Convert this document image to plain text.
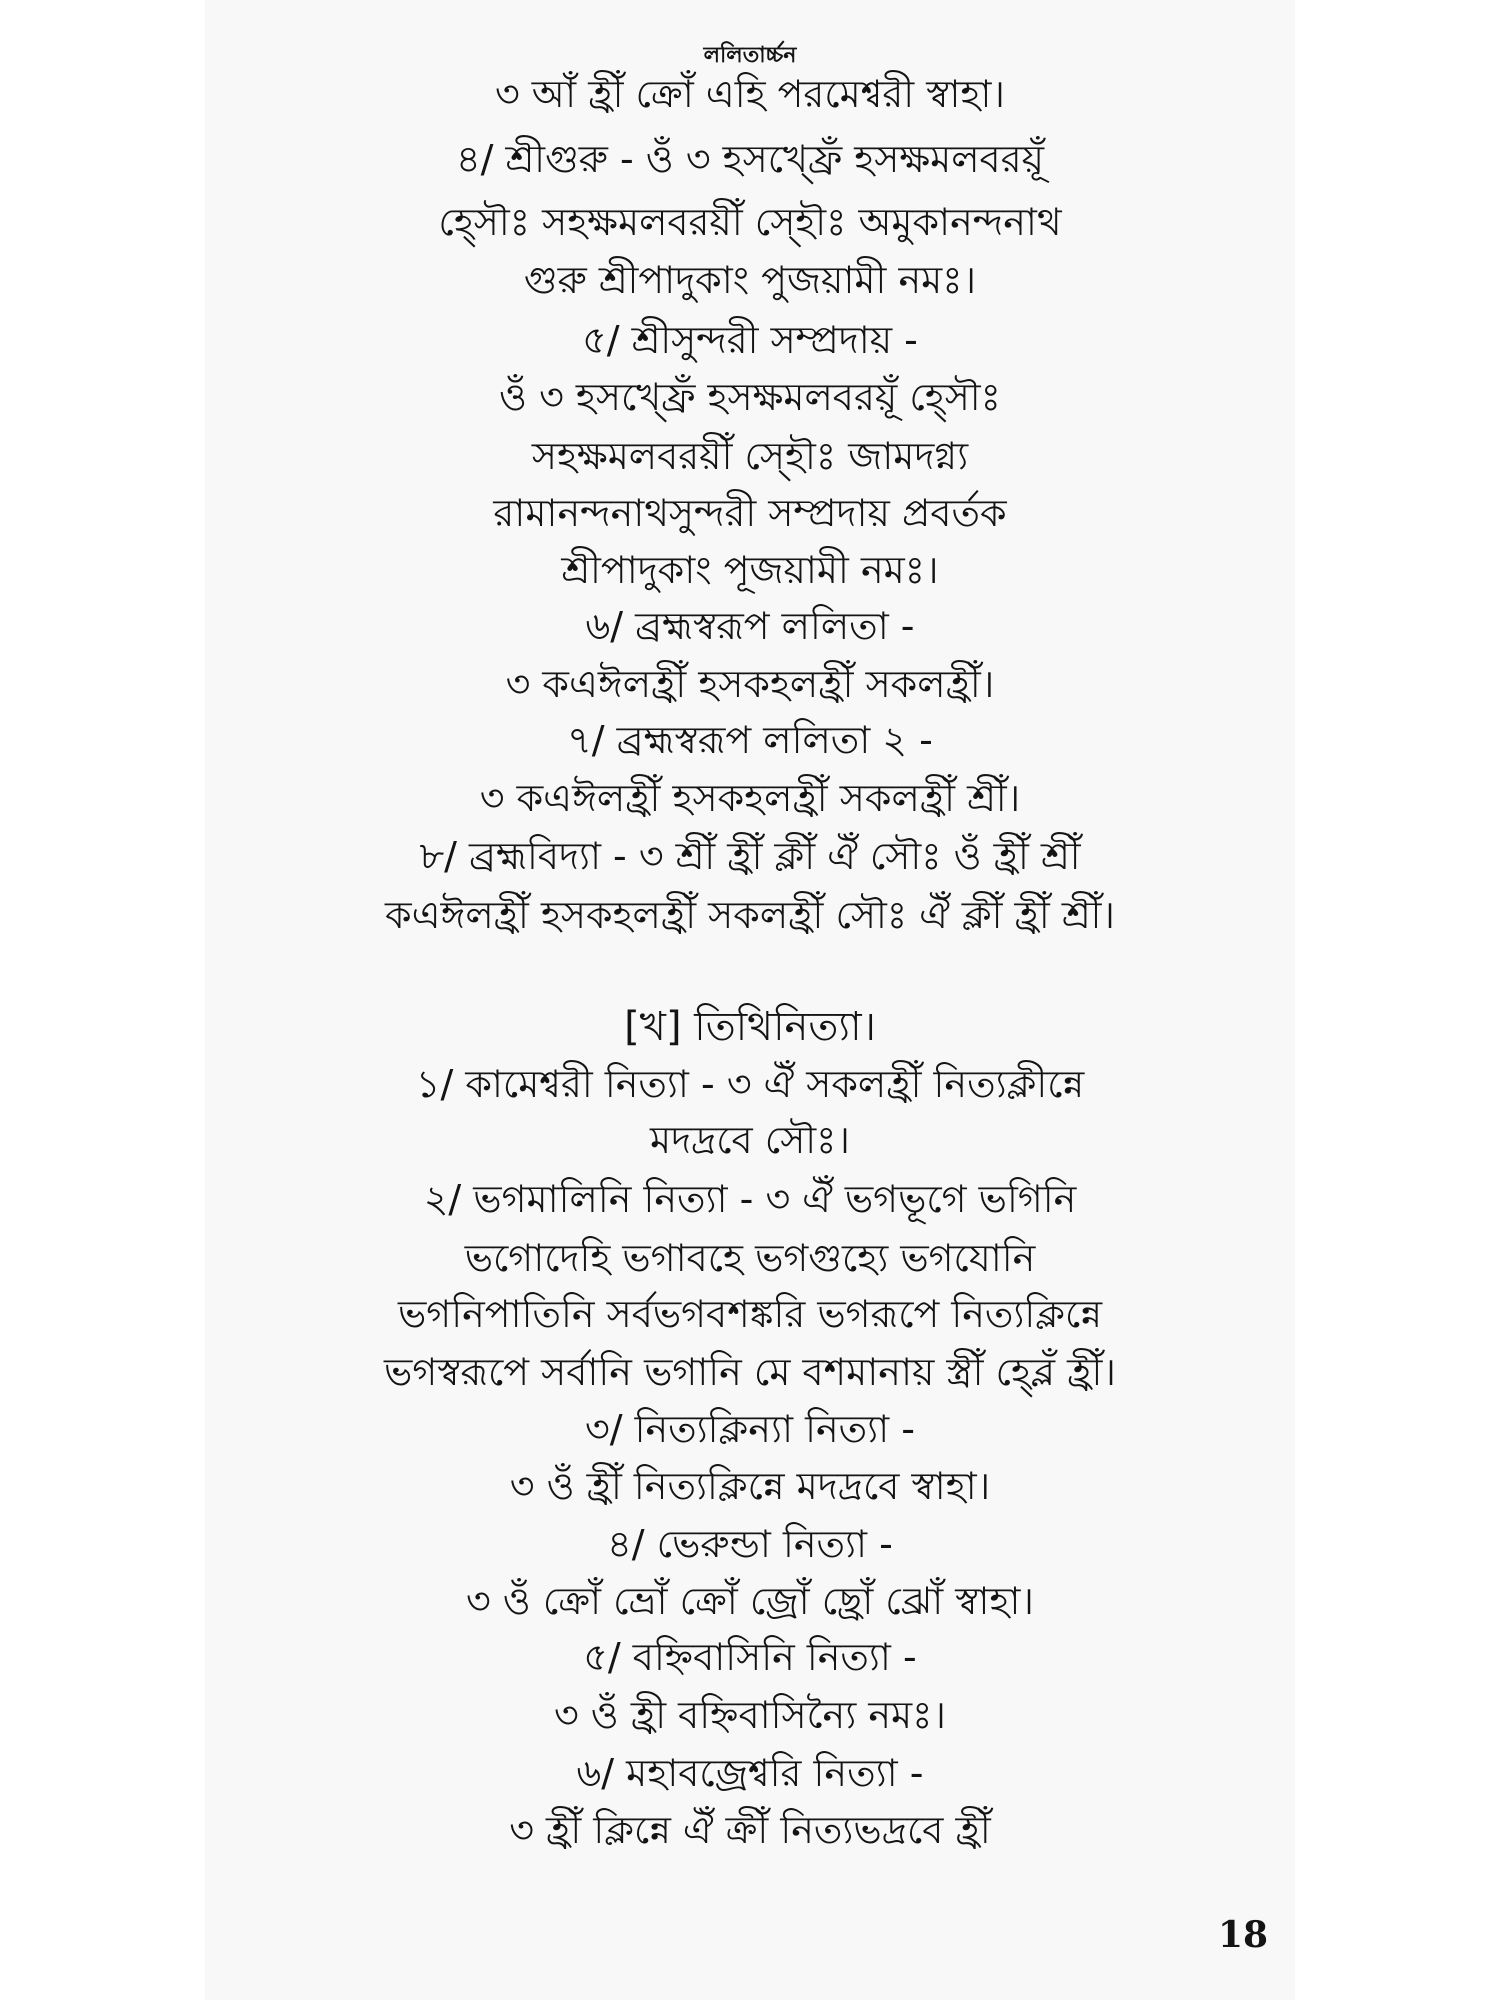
ললিতার্চ্চন
৩ আঁ হ্রীঁ ক্রোঁ এহি পরমেশ্বরী স্বাহা।
৪/ শ্রীগুরু - ওঁ ৩ হসখ্ফ্রেঁ হসক্ষমলবরয়ূঁ
হ্সৌঃ সহক্ষমলবরয়ীঁ স্হৌঃ অমুকানন্দনাথ
গুরু শ্রীপাদুকাং পুজয়ামী নমঃ।
৫/ শ্রীসুন্দরী সম্প্রদায় -
ওঁ ৩ হসখ্ফ্রেঁ হসক্ষমলবরয়ূঁ হ্সৌঃ
সহক্ষমলবরয়ীঁ স্হৌঃ জামদগ্ন্য
রামানন্দনাথসুন্দরী সম্প্রদায় প্রবর্তক
শ্রীপাদুকাং পূজয়ামী নমঃ।
৬/ ব্রহ্মস্বরূপ ললিতা -
৩ কএঈলহ্রীঁ হসকহলহ্রীঁ সকলহ্রীঁ।
৭/ ব্রহ্মস্বরূপ ললিতা ২ -
৩ কএঈলহ্রীঁ হসকহলহ্রীঁ সকলহ্রীঁ শ্রীঁ।
৮/ ব্রহ্মবিদ্যা - ৩ শ্রীঁ হ্রীঁ ক্লীঁ ঐঁ সৌঃ ওঁ হ্রীঁ শ্রীঁ
কএঈলহ্রীঁ হসকহলহ্রীঁ সকলহ্রীঁ সৌঃ ঐঁ ক্লীঁ হ্রীঁ শ্রীঁ।
[খ] তিথিনিত্যা।
১/ কামেশ্বরী নিত্যা - ৩ ঐঁ সকলহ্রীঁ নিত্যক্লীন্নে
মদদ্রবে সৌঃ।
২/ ভগমালিনি নিত্যা - ৩ ঐঁ ভগভূগে ভগিনি
ভগোদেহি ভগাবহে ভগগুহ্যে ভগযোনি
ভগনিপাতিনি সর্বভগবশঙ্করি ভগরূপে নিত্যক্লিন্নে
ভগস্বরূপে সর্বানি ভগানি মে বশমানায় স্ত্রীঁ হ্ব্লেঁ হ্রীঁ।
৩/ নিত্যক্লিন্যা নিত্যা -
৩ ওঁ হ্রীঁ নিত্যক্লিন্নে মদদ্রবে স্বাহা।
৪/ ভেরুন্ডা নিত্যা -
৩ ওঁ ক্রোঁ ভ্রোঁ ক্রোঁ জ্রোঁ ছ্রোঁ ঝ্রোঁ স্বাহা।
৫/ বহ্নিবাসিনি নিত্যা -
৩ ওঁ হ্রী বহ্নিবাসিন্যৈ নমঃ।
৬/ মহাবজ্রেশ্বরি নিত্যা -
৩ হ্রীঁ ক্লিন্নে ঐঁ ক্রীঁ নিত্যভদ্রবে হ্রীঁ
18
